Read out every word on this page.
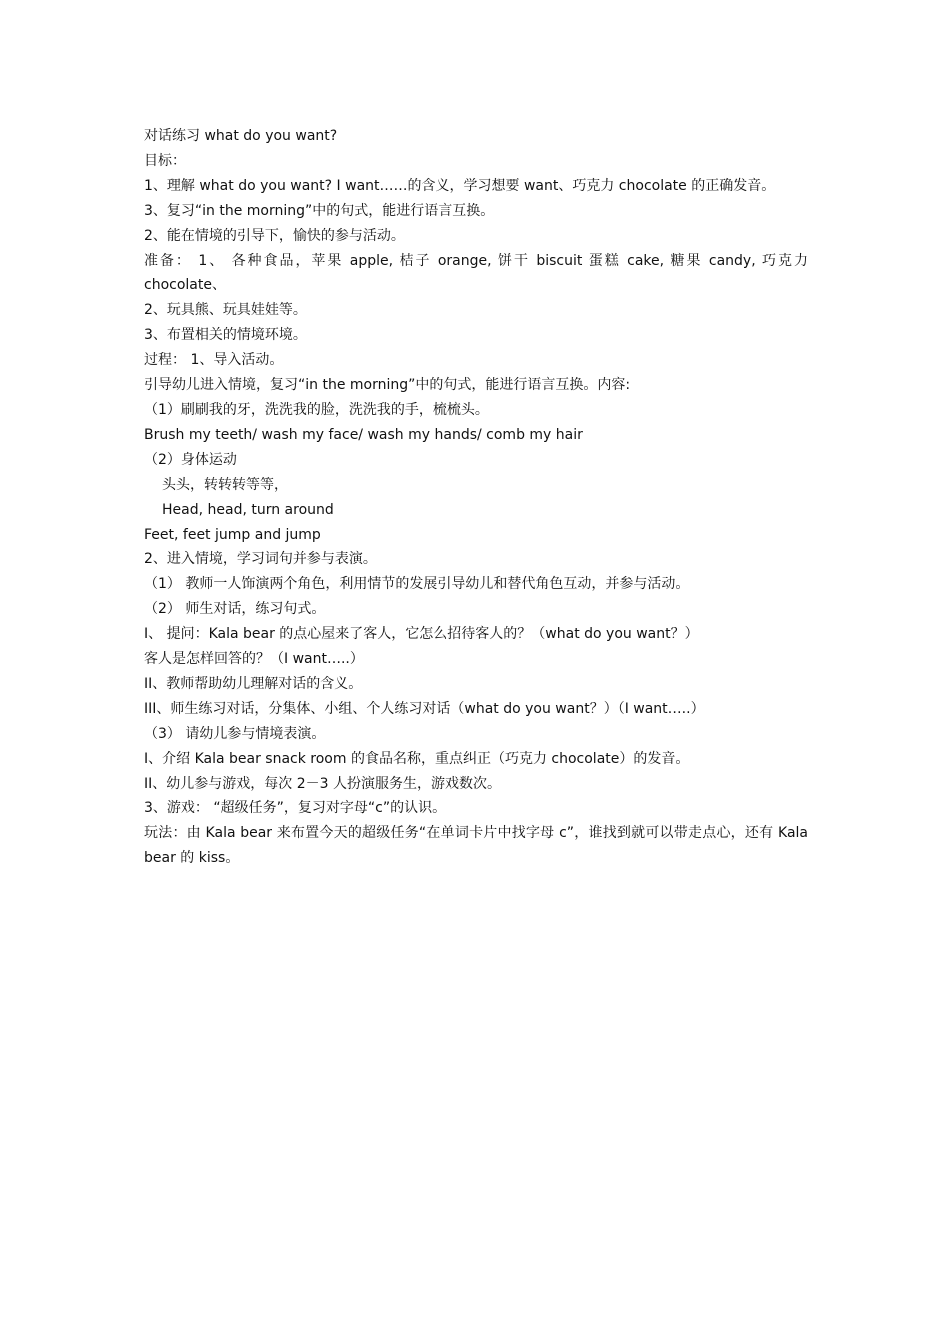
对话练习 what do you want?

目标：

1、理解 what do you want? I want……的含义，学习想要 want、巧克力 chocolate 的正确发音。

3、复习“in the morning”中的句式，能进行语言互换。

2、能在情境的引导下，愉快的参与活动。

准备： 1、 各种食品，苹果 apple, 桔子 orange, 饼干 biscuit 蛋糕 cake, 糖果 candy, 巧克力 chocolate、

2、玩具熊、玩具娃娃等。

3、布置相关的情境环境。

过程： 1、导入活动。

引导幼儿进入情境，复习“in the morning”中的句式，能进行语言互换。内容:

（1）刷刷我的牙，洗洗我的脸，洗洗我的手，梳梳头。

Brush my teeth/ wash my face/ wash my hands/ comb my hair

（2）身体运动

头头，转转转等等，

Head, head, turn around

Feet, feet jump and jump

2、进入情境，学习词句并参与表演。

（1） 教师一人饰演两个角色，利用情节的发展引导幼儿和替代角色互动，并参与活动。

（2） 师生对话，练习句式。

I、 提问：Kala bear 的点心屋来了客人，它怎么招待客人的？（what do you want？）

客人是怎样回答的？（I want…..）

II、教师帮助幼儿理解对话的含义。

III、师生练习对话，分集体、小组、个人练习对话（what do you want？）（I want…..）

（3） 请幼儿参与情境表演。

I、介绍 Kala bear snack room 的食品名称，重点纠正（巧克力 chocolate）的发音。

II、幼儿参与游戏，每次 2－3 人扮演服务生，游戏数次。

3、游戏： “超级任务”，复习对字母“c”的认识。

玩法：由 Kala bear 来布置今天的超级任务“在单词卡片中找字母 c”，谁找到就可以带走点心，还有 Kala bear 的 kiss。
